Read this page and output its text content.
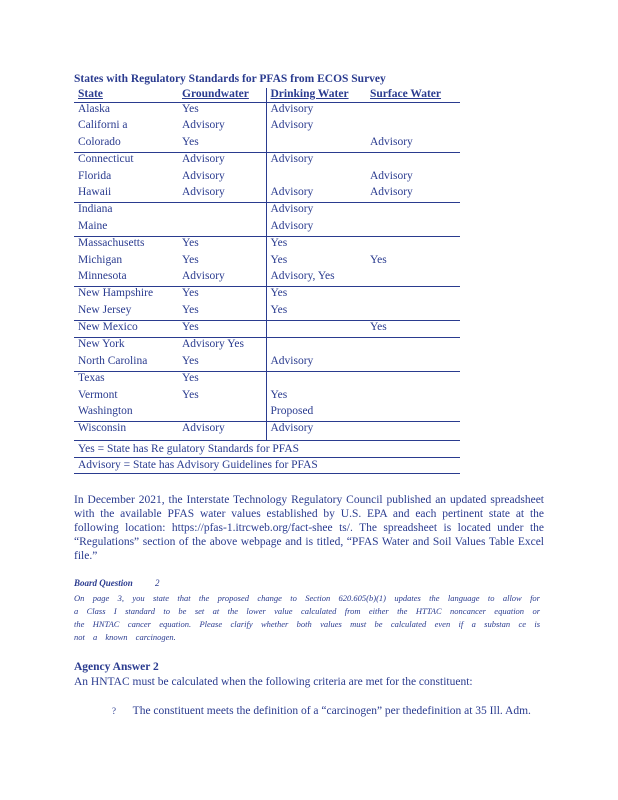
States with Regulatory Standards for PFAS from ECOS Survey
State	Groundwater	Drinking Water	Surface Water
Alaska	Yes	Advisory	
Californi a	Advisory	Advisory	
Colorado	Yes		Advisory
Connecticut	Advisory	Advisory	
Florida	Advisory		Advisory
Hawaii	Advisory	Advisory	Advisory
Indiana		Advisory	
Maine		Advisory	
Massachusetts	Yes	Yes	
Michigan	Yes	Yes	Yes
Minnesota	Advisory	Advisory, Yes	
New Hampshire	Yes	Yes	
New Jersey	Yes	Yes	
New Mexico	Yes		Yes
New York	Advisory Yes		
North Carolina	Yes	Advisory	
Texas	Yes		
Vermont	Yes	Yes	
Washington		Proposed	
Wisconsin	Advisory	Advisory	
Yes = State has Re gulatory Standards for PFAS
Advisory = State has Advisory Guidelines for PFAS
In December 2021, the Interstate Technology Regulatory Council published an updated spreadsheet with the available PFAS water values established by U.S. EPA and each pertinent state at the following location: https://pfas-1.itrcweb.org/fact-shee ts/. The spreadsheet is located under the “Regulations” section of the above webpage and is titled, “PFAS Water and Soil Values Table Excel file.”
Board Question 2
On page 3, you state that the proposed change to Section 620.605(b)(1) updates the language to allow for a Class I standard to be set at the lower value calculated from either the HTTAC noncancer equation or the HNTAC cancer equation. Please clarify whether both values must be calculated even if a substan ce is not a known carcinogen.
Agency Answer 2
An HNTAC must be calculated when the following criteria are met for the constituent:
? The constituent meets the definition of a “carcinogen” per thedefinition at 35 Ill. Adm.
